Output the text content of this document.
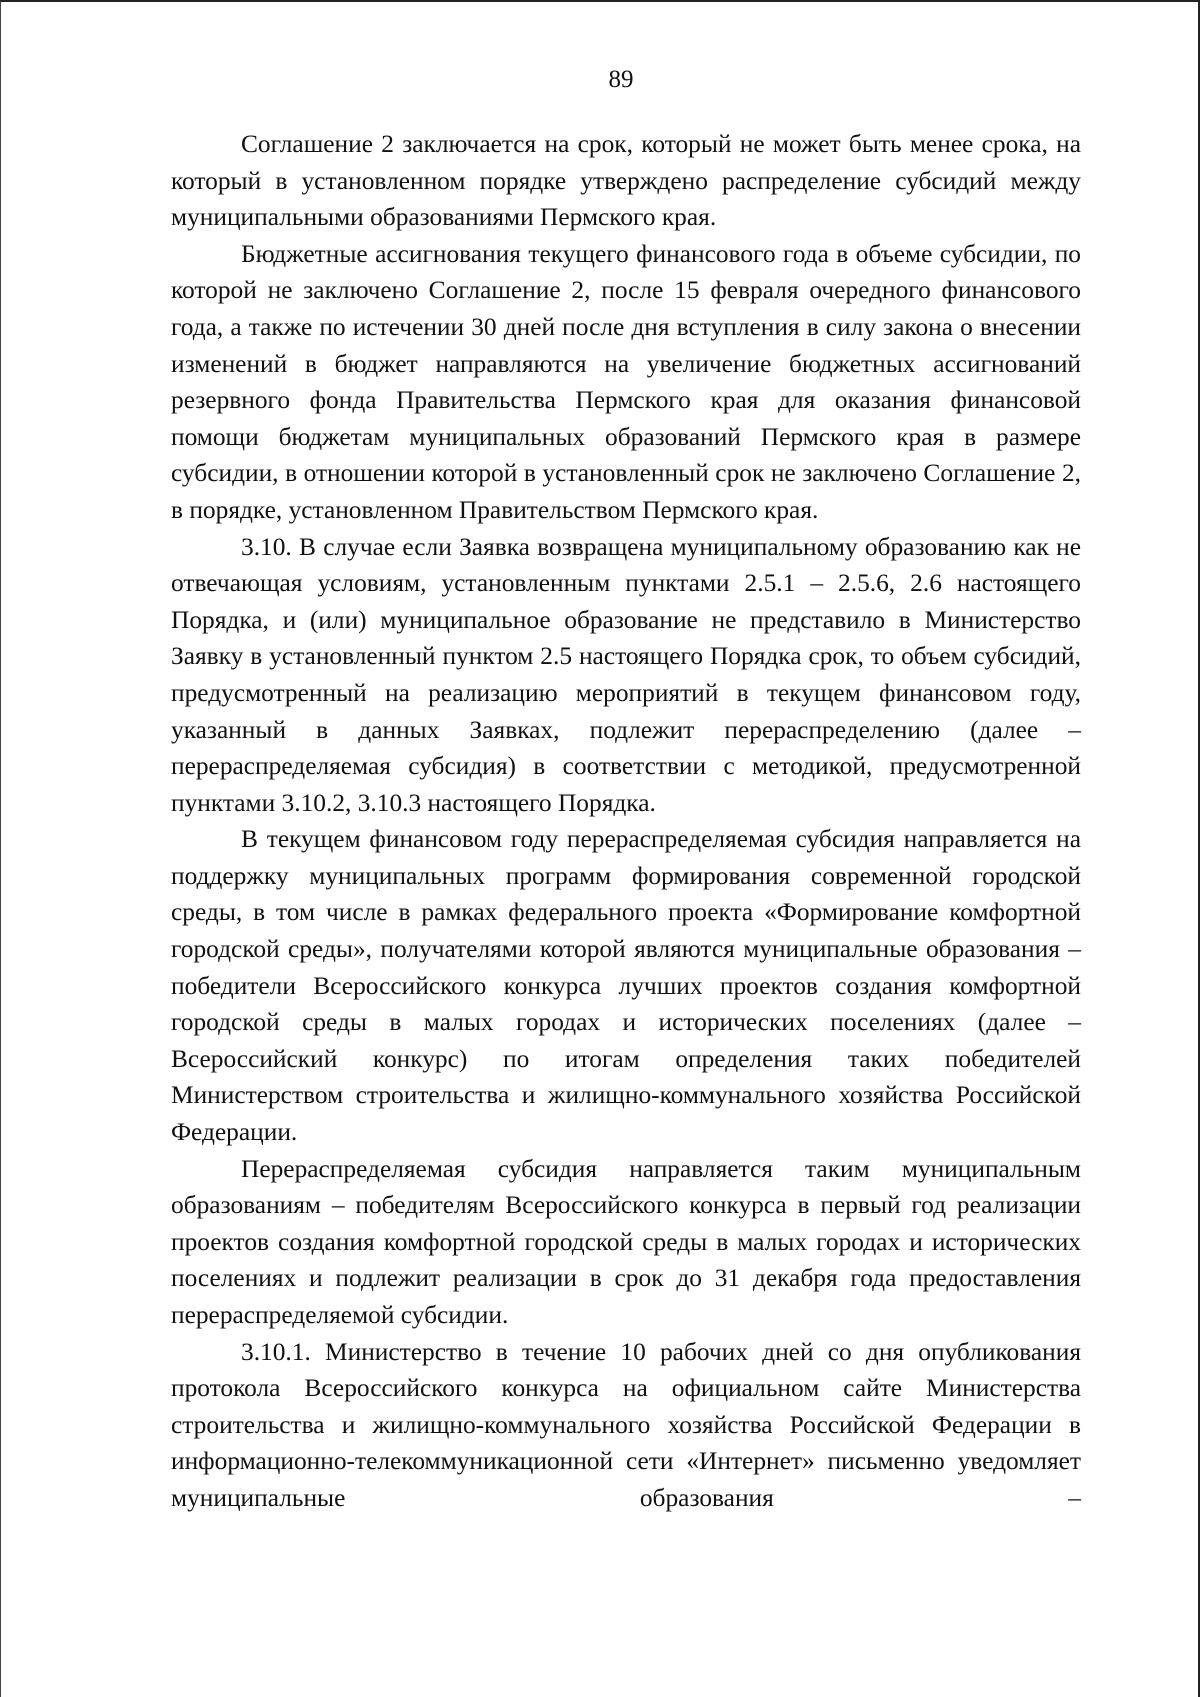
89

Соглашение 2 заключается на срок, который не может быть менее срока, на который в установленном порядке утверждено распределение субсидий между муниципальными образованиями Пермского края.

Бюджетные ассигнования текущего финансового года в объеме субсидии, по которой не заключено Соглашение 2, после 15 февраля очередного финансового года, а также по истечении 30 дней после дня вступления в силу закона о внесении изменений в бюджет направляются на увеличение бюджетных ассигнований резервного фонда Правительства Пермского края для оказания финансовой помощи бюджетам муниципальных образований Пермского края в размере субсидии, в отношении которой в установленный срок не заключено Соглашение 2, в порядке, установленном Правительством Пермского края.

3.10. В случае если Заявка возвращена муниципальному образованию как не отвечающая условиям, установленным пунктами 2.5.1 – 2.5.6, 2.6 настоящего Порядка, и (или) муниципальное образование не представило в Министерство Заявку в установленный пунктом 2.5 настоящего Порядка срок, то объем субсидий, предусмотренный на реализацию мероприятий в текущем финансовом году, указанный в данных Заявках, подлежит перераспределению (далее – перераспределяемая субсидия) в соответствии с методикой, предусмотренной пунктами 3.10.2, 3.10.3 настоящего Порядка.

В текущем финансовом году перераспределяемая субсидия направляется на поддержку муниципальных программ формирования современной городской среды, в том числе в рамках федерального проекта «Формирование комфортной городской среды», получателями которой являются муниципальные образования – победители Всероссийского конкурса лучших проектов создания комфортной городской среды в малых городах и исторических поселениях (далее – Всероссийский конкурс) по итогам определения таких победителей Министерством строительства и жилищно-коммунального хозяйства Российской Федерации.

Перераспределяемая субсидия направляется таким муниципальным образованиям – победителям Всероссийского конкурса в первый год реализации проектов создания комфортной городской среды в малых городах и исторических поселениях и подлежит реализации в срок до 31 декабря года предоставления перераспределяемой субсидии.

3.10.1. Министерство в течение 10 рабочих дней со дня опубликования протокола Всероссийского конкурса на официальном сайте Министерства строительства и жилищно-коммунального хозяйства Российской Федерации в информационно-телекоммуникационной сети «Интернет» письменно уведомляет муниципальные образования –
